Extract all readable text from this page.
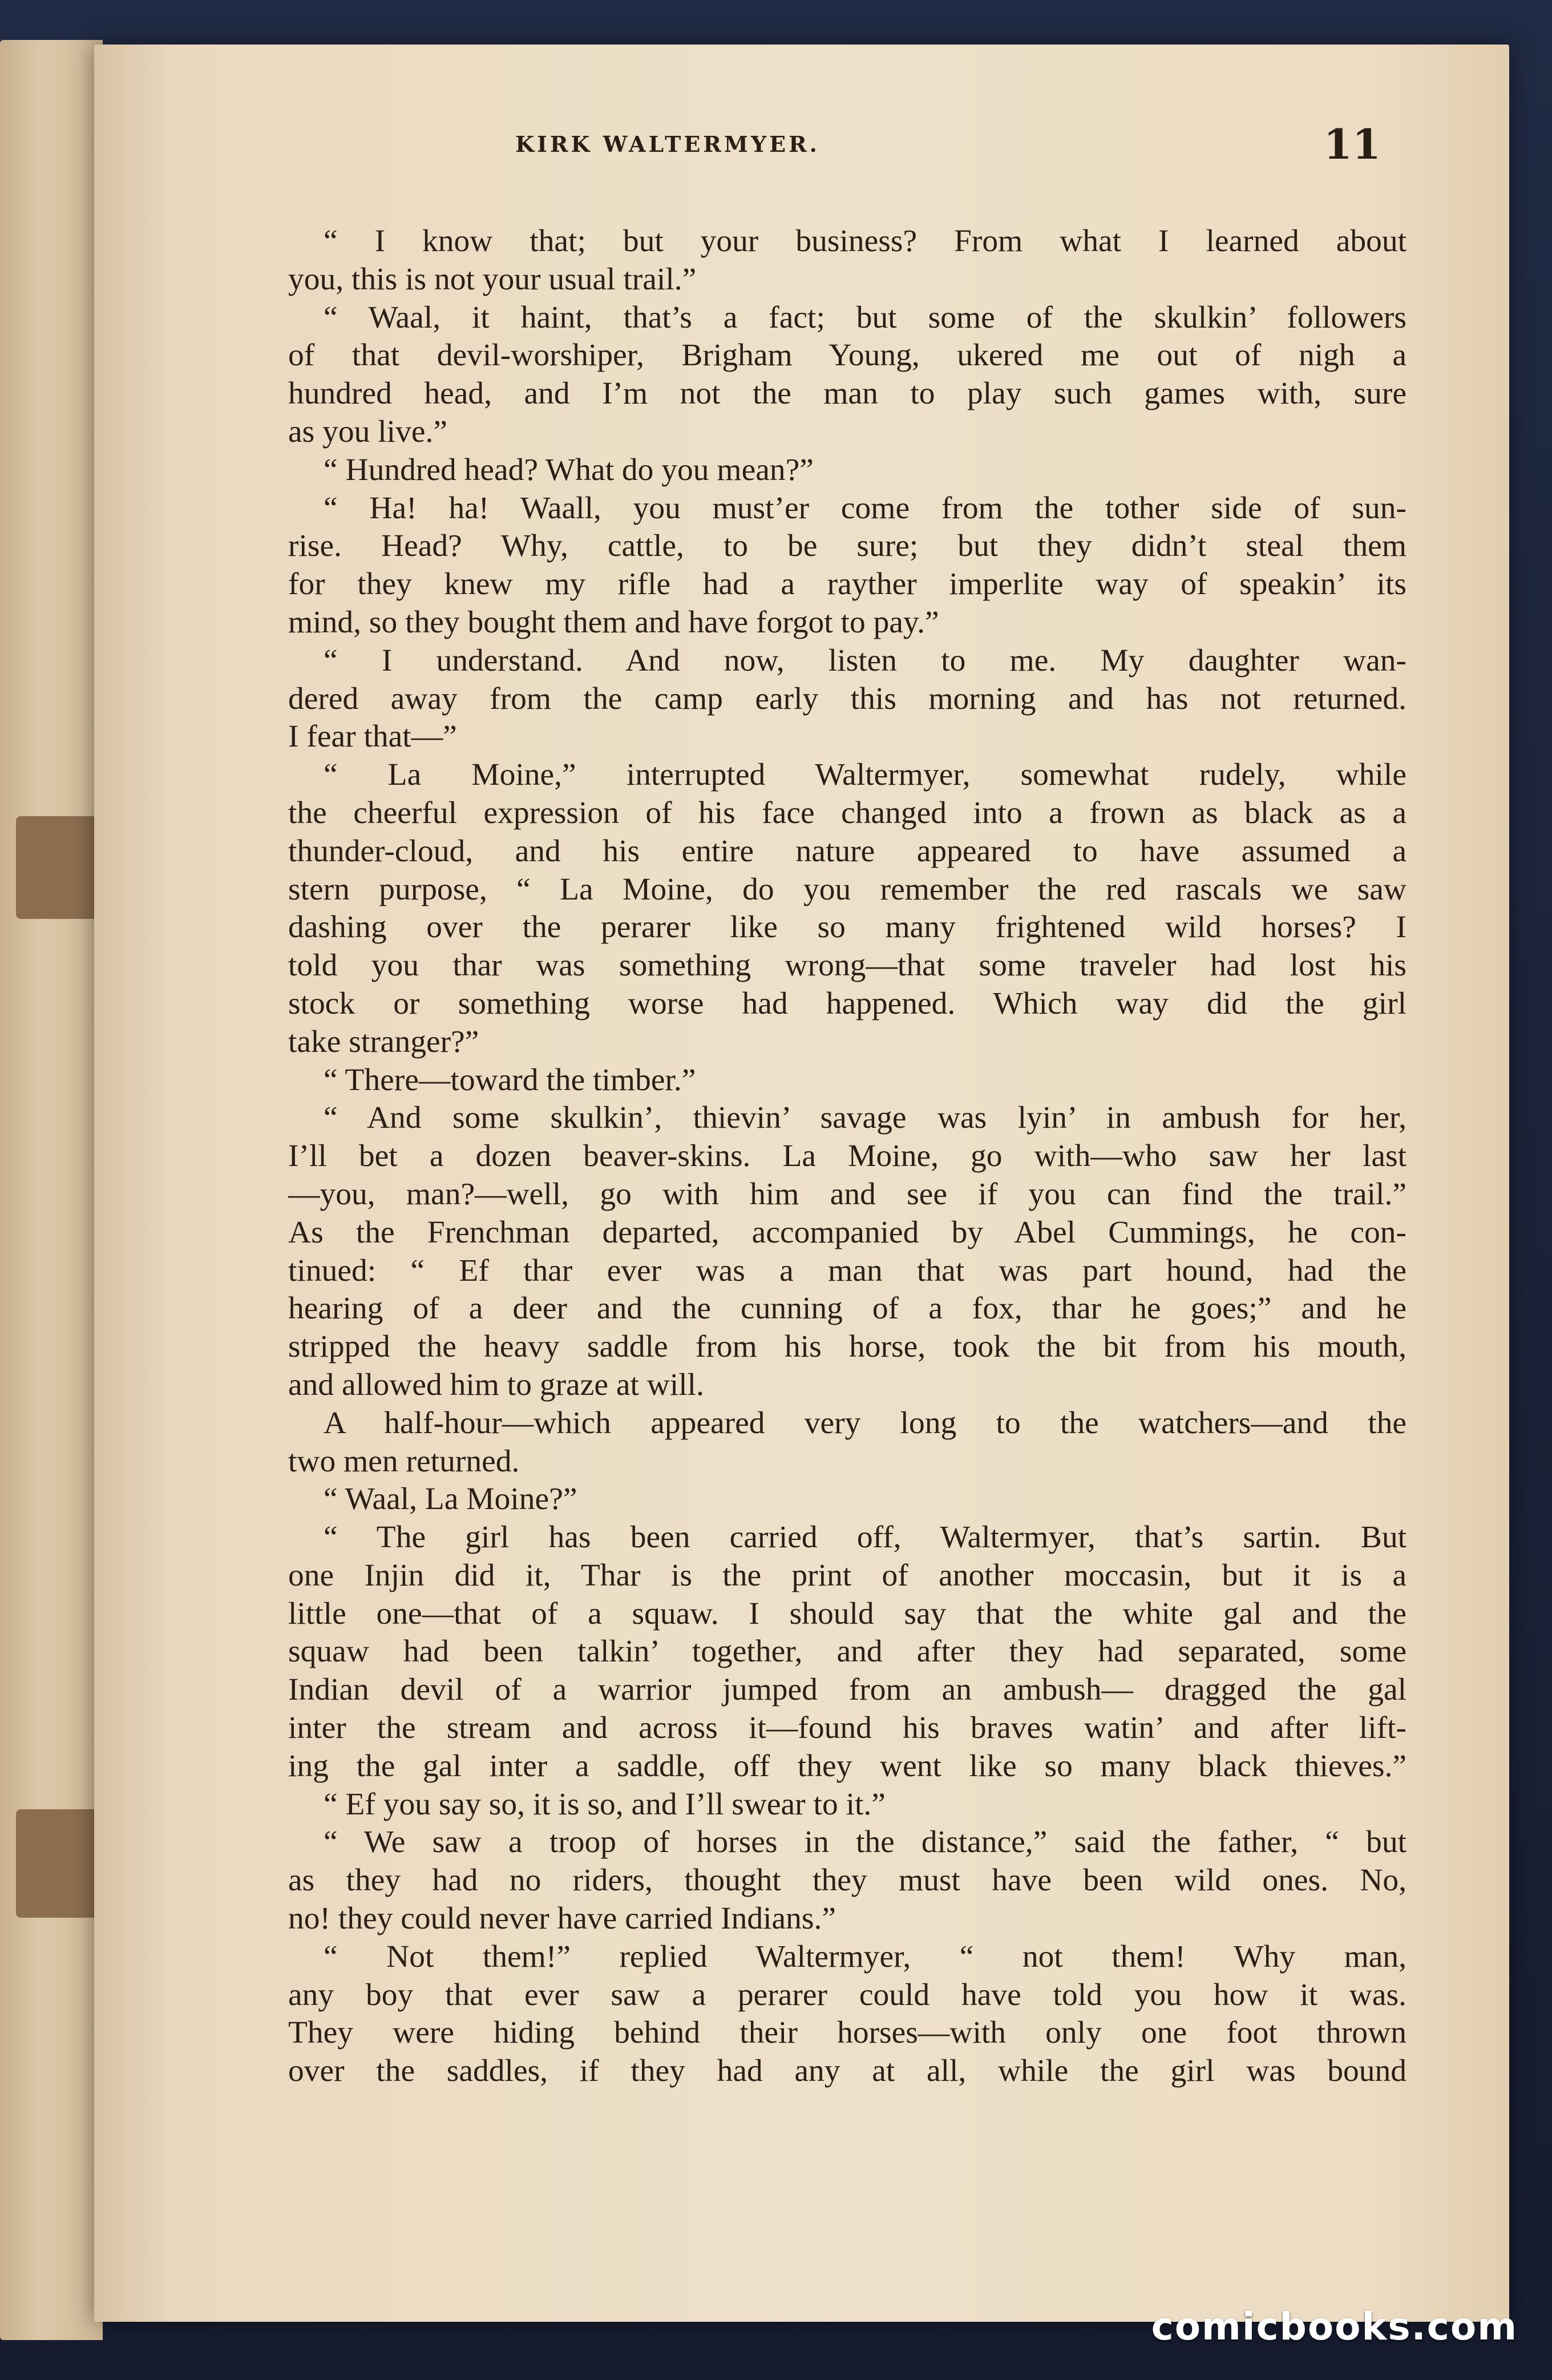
KIRK WALTERMYER.	11
“ I know that; but your business? From what I learned about
you, this is not your usual trail.”
“ Waal, it haint, that’s a fact; but some of the skulkin’ followers
of that devil-worshiper, Brigham Young, ukered me out of nigh a
hundred head, and I’m not the man to play such games with, sure
as you live.”
“ Hundred head? What do you mean?”
“ Ha! ha! Waall, you must’er come from the tother side of sun-
rise. Head? Why, cattle, to be sure; but they didn’t steal them
for they knew my rifle had a rayther imperlite way of speakin’ its
mind, so they bought them and have forgot to pay.”
“ I understand. And now, listen to me. My daughter wan-
dered away from the camp early this morning and has not returned.
I fear that—”
“ La Moine,” interrupted Waltermyer, somewhat rudely, while
the cheerful expression of his face changed into a frown as black as a
thunder-cloud, and his entire nature appeared to have assumed a
stern purpose, “ La Moine, do you remember the red rascals we saw
dashing over the perarer like so many frightened wild horses? I
told you thar was something wrong—that some traveler had lost his
stock or something worse had happened. Which way did the girl
take stranger?”
“ There—toward the timber.”
“ And some skulkin’, thievin’ savage was lyin’ in ambush for her,
I’ll bet a dozen beaver-skins. La Moine, go with—who saw her last
—you, man?—well, go with him and see if you can find the trail.”
As the Frenchman departed, accompanied by Abel Cummings, he con-
tinued: “ Ef thar ever was a man that was part hound, had the
hearing of a deer and the cunning of a fox, thar he goes;” and he
stripped the heavy saddle from his horse, took the bit from his mouth,
and allowed him to graze at will.
A half-hour—which appeared very long to the watchers—and the
two men returned.
“ Waal, La Moine?”
“ The girl has been carried off, Waltermyer, that’s sartin. But
one Injin did it, Thar is the print of another moccasin, but it is a
little one—that of a squaw. I should say that the white gal and the
squaw had been talkin’ together, and after they had separated, some
Indian devil of a warrior jumped from an ambush— dragged the gal
inter the stream and across it—found his braves watin’ and after lift-
ing the gal inter a saddle, off they went like so many black thieves.”
“ Ef you say so, it is so, and I’ll swear to it.”
“ We saw a troop of horses in the distance,” said the father, “ but
as they had no riders, thought they must have been wild ones. No,
no! they could never have carried Indians.”
“ Not them!” replied Waltermyer, “ not them! Why man,
any boy that ever saw a perarer could have told you how it was.
They were hiding behind their horses—with only one foot thrown
over the saddles, if they had any at all, while the girl was bound
comicbooks.com
